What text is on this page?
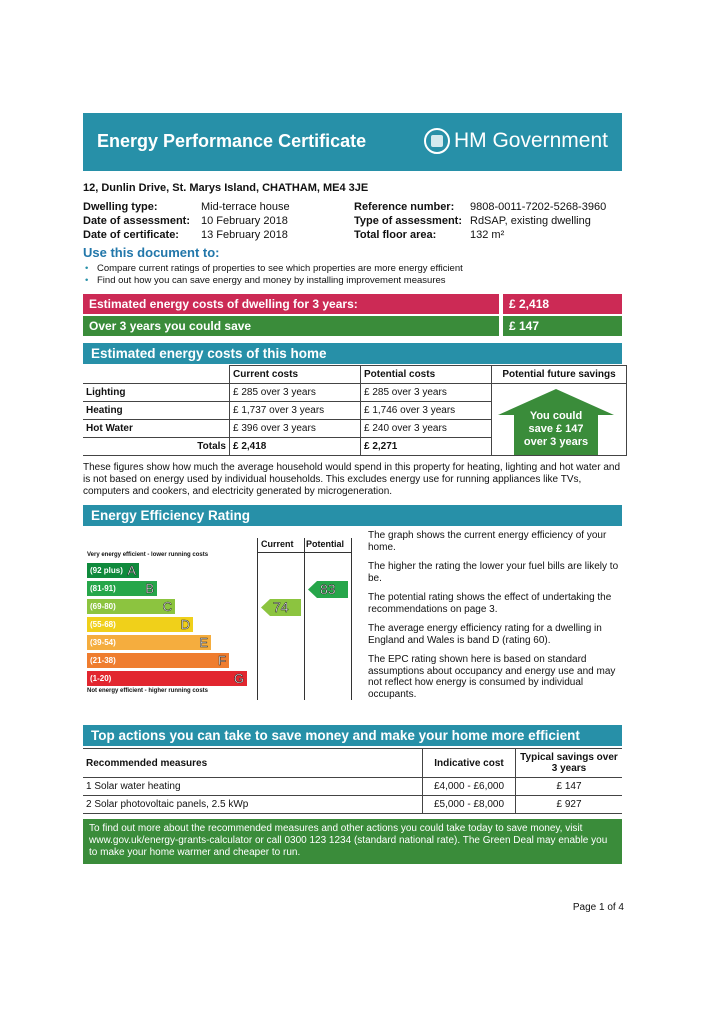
Energy Performance Certificate	HM Government
12, Dunlin Drive, St. Marys Island, CHATHAM, ME4 3JE
Dwelling type:	Mid-terrace house
Date of assessment: 10 February 2018
Date of certificate: 13 February 2018
Reference number: 9808-0011-7202-5268-3960
Type of assessment: RdSAP, existing dwelling
Total floor area:	132 m²
Use this document to:
• Compare current ratings of properties to see which properties are more energy efficient
• Find out how you can save energy and money by installing improvement measures
Estimated energy costs of dwelling for 3 years:	£ 2,418
Over 3 years you could save	£ 147
Estimated energy costs of this home
	Current costs	Potential costs	Potential future savings
Lighting	£ 285 over 3 years	£ 285 over 3 years	You could
save £ 147
over 3 years

Heating	£ 1,737 over 3 years	£ 1,746 over 3 years	
Hot Water	£ 396 over 3 years	£ 240 over 3 years	
Totals	£ 2,418	£ 2,271	
These figures show how much the average household would spend in this property for heating, lighting and hot water and is not based on energy used by individual households. This excludes energy use for running appliances like TVs, computers and cookers, and electricity generated by microgeneration.
Energy Efficiency Rating
Very energy efficient - lower running costs
Not energy efficient - higher running costs
Current Potential
(92 plus) A
(81-91) B
(69-80)	C
(55-68)	D
(39-54)	E
(21-38)	F
(1-20)	G
74
83

The graph shows the current energy efficiency of your home.

The higher the rating the lower your fuel bills are likely to be.

The potential rating shows the effect of undertaking the recommendations on page 3.

The average energy efficiency rating for a dwelling in England and Wales is band D (rating 60).

The EPC rating shown here is based on standard assumptions about occupancy and energy use and may not reflect how energy is consumed by individual occupants.

Top actions you can take to save money and make your home more efficient
Recommended measures	Indicative cost	Typical savings over 3 years
1 Solar water heating	£4,000 - £6,000	£ 147
2 Solar photovoltaic panels, 2.5 kWp	£5,000 - £8,000	£ 927
To find out more about the recommended measures and other actions you could take today to save money, visit www.gov.uk/energy-grants-calculator or call 0300 123 1234 (standard national rate). The Green Deal may enable you to make your home warmer and cheaper to run.
Page 1 of 4
